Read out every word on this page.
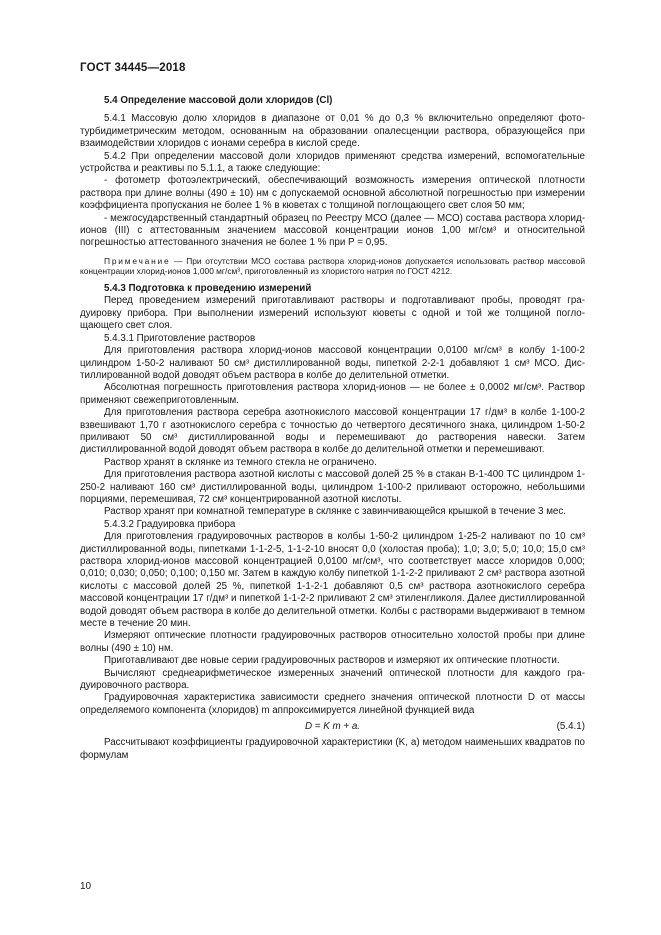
ГОСТ 34445—2018

5.4 Определение массовой доли хлоридов (Cl)

5.4.1 Массовую долю хлоридов в диапазоне от 0,01 % до 0,3 % включительно определяют фототурбидиметрическим методом, основанным на образовании опалесценции раствора, образующейся при взаимодействии хлоридов с ионами серебра в кислой среде.

5.4.2 При определении массовой доли хлоридов применяют средства измерений, вспомогательные устройства и реактивы по 5.1.1, а также следующие:

- фотометр фотоэлектрический, обеспечивающий возможность измерения оптической плотности раствора при длине волны (490 ± 10) нм с допускаемой основной абсолютной погрешностью при измерении коэффициента пропускания не более 1 % в кюветах с толщиной поглощающего свет слоя 50 мм;

- межгосударственный стандартный образец по Реестру МСО (далее — МСО) состава раствора хлорид-ионов (III) с аттестованным значением массовой концентрации ионов 1,00 мг/см³ и относительной погрешностью аттестованного значения не более 1 % при Р = 0,95.

Примечание — При отсутствии МСО состава раствора хлорид-ионов допускается использовать раствор массовой концентрации хлорид-ионов 1,000 мг/см³, приготовленный из хлористого натрия по ГОСТ 4212.

5.4.3 Подготовка к проведению измерений

Перед проведением измерений приготавливают растворы и подготавливают пробы, проводят градуировку прибора. При выполнении измерений используют кюветы с одной и той же толщиной поглощающего свет слоя.

5.4.3.1 Приготовление растворов

Для приготовления раствора хлорид-ионов массовой концентрации 0,0100 мг/см³ в колбу 1-100-2 цилиндром 1-50-2 наливают 50 см³ дистиллированной воды, пипеткой 2-2-1 добавляют 1 см³ МСО. Дистиллированной водой доводят объем раствора в колбе до делительной отметки.

Абсолютная погрешность приготовления раствора хлорид-ионов — не более ± 0,0002 мг/см³. Раствор применяют свежеприготовленным.

Для приготовления раствора серебра азотнокислого массовой концентрации 17 г/дм³ в колбе 1-100-2 взвешивают 1,70 г азотнокислого серебра с точностью до четвертого десятичного знака, цилиндром 1-50-2 приливают 50 см³ дистиллированной воды и перемешивают до растворения навески. Затем дистиллированной водой доводят объем раствора в колбе до делительной отметки и перемешивают.

Раствор хранят в склянке из темного стекла не ограничено.

Для приготовления раствора азотной кислоты с массовой долей 25 % в стакан В-1-400 ТС цилиндром 1-250-2 наливают 160 см³ дистиллированной воды, цилиндром 1-100-2 приливают осторожно, небольшими порциями, перемешивая, 72 см³ концентрированной азотной кислоты.

Раствор хранят при комнатной температуре в склянке с завинчивающейся крышкой в течение 3 мес.

5.4.3.2 Градуировка прибора

Для приготовления градуировочных растворов в колбы 1-50-2 цилиндром 1-25-2 наливают по 10 см³ дистиллированной воды, пипетками 1-1-2-5, 1-1-2-10 вносят 0,0 (холостая проба); 1,0; 3,0; 5,0; 10,0; 15,0 см³ раствора хлорид-ионов массовой концентрацией 0,0100 мг/см³, что соответствует массе хлоридов 0,000; 0,010; 0,030; 0,050; 0,100; 0,150 мг. Затем в каждую колбу пипеткой 1-1-2-2 приливают 2 см³ раствора азотной кислоты с массовой долей 25 %, пипеткой 1-1-2-1 добавляют 0,5 см³ раствора азотнокислого серебра массовой концентрации 17 г/дм³ и пипеткой 1-1-2-2 приливают 2 см³ этиленгликоля. Далее дистиллированной водой доводят объем раствора в колбе до делительной отметки. Колбы с растворами выдерживают в темном месте в течение 20 мин.

Измеряют оптические плотности градуировочных растворов относительно холостой пробы при длине волны (490 ± 10) нм.

Приготавливают две новые серии градуировочных растворов и измеряют их оптические плотности.

Вычисляют среднеарифметическое измеренных значений оптической плотности для каждого градуировочного раствора.

Градуировочная характеристика зависимости среднего значения оптической плотности D от массы определяемого компонента (хлоридов) m аппроксимируется линейной функцией вида

D = K m + a.	(5.4.1)

Рассчитывают коэффициенты градуировочной характеристики (K, a) методом наименьших квадратов по формулам

10
